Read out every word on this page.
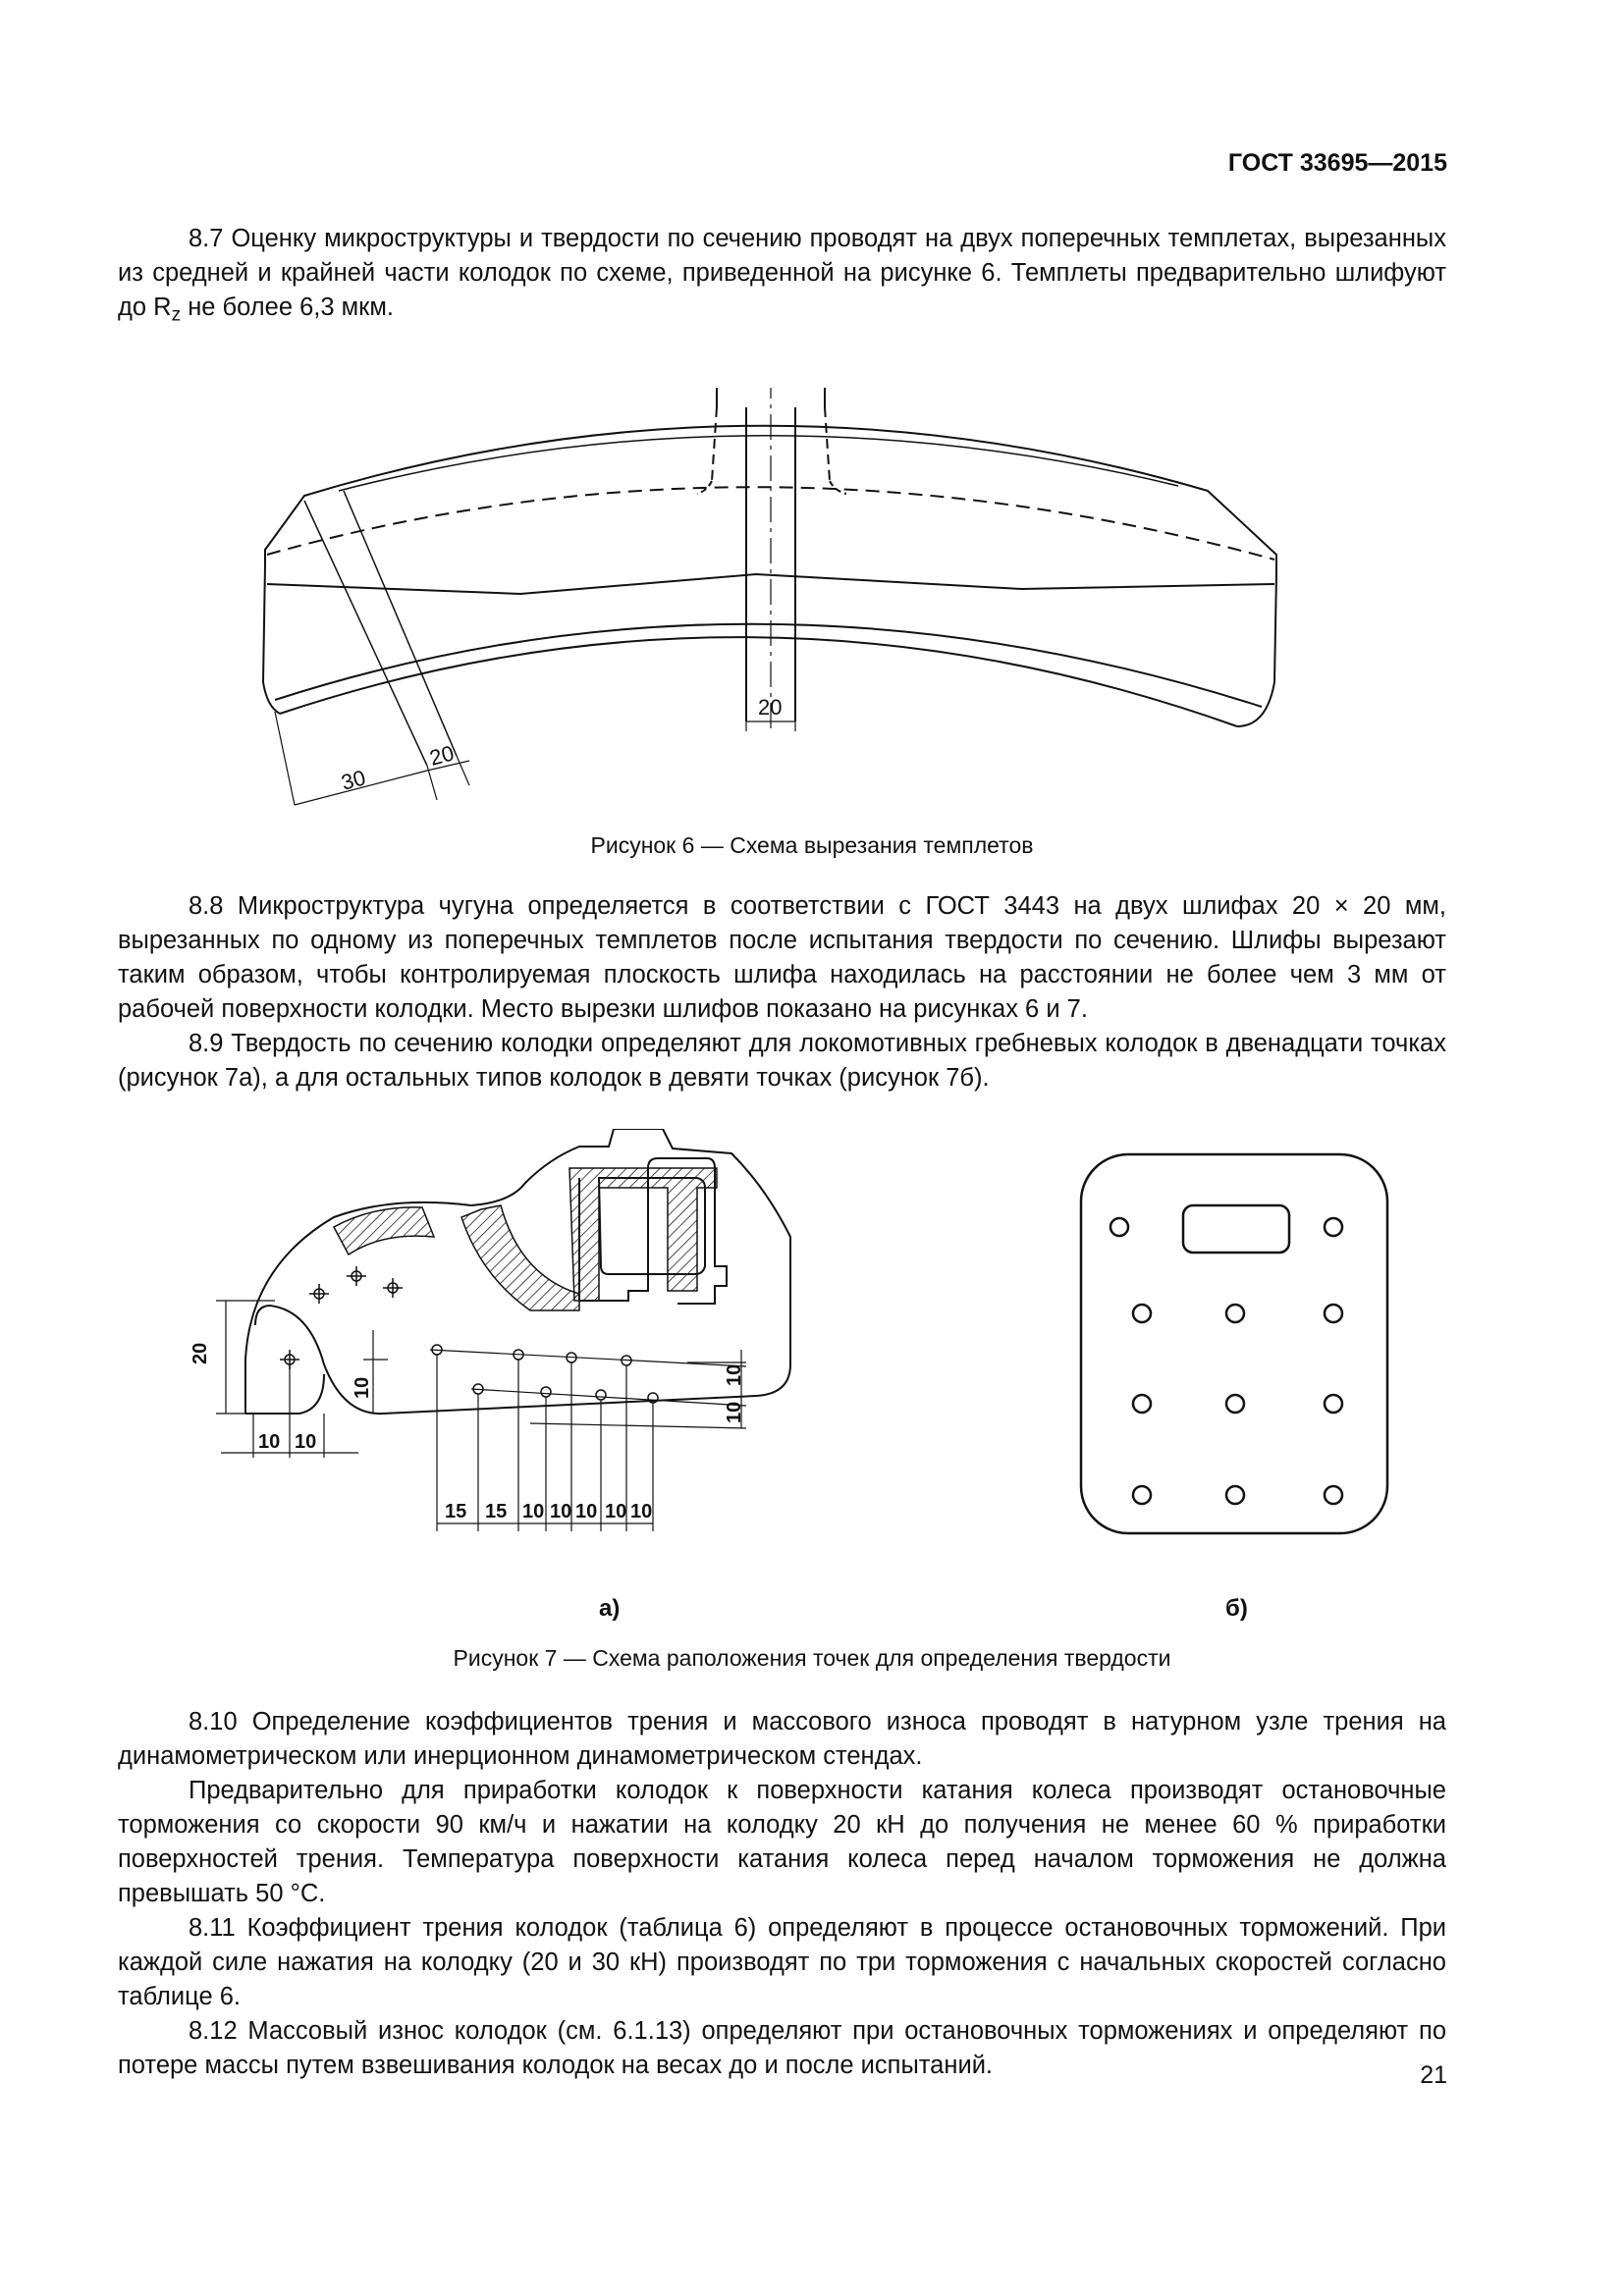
ГОСТ 33695—2015

8.7 Оценку микроструктуры и твердости по сечению проводят на двух поперечных темплетах, вырезанных из средней и крайней части колодок по схеме, приведенной на рисунке 6. Темплеты предварительно шлифуют до $R_z$ не более 6,3 мкм.

20
30
20
Рисунок 6 — Схема вырезания темплетов

8.8 Микроструктура чугуна определяется в соответствии с ГОСТ 3443 на двух шлифах 20 × 20 мм, вырезанных по одному из поперечных темплетов после испытания твердости по сечению. Шлифы вырезают таким образом, чтобы контролируемая плоскость шлифа находилась на расстоянии не более чем 3 мм от рабочей поверхности колодки. Место вырезки шлифов показано на рисунках 6 и 7.

8.9 Твердость по сечению колодки определяют для локомотивных гребневых колодок в двенадцати точках (рисунок 7а), а для остальных типов колодок в девяти точках (рисунок 7б).

20
10
10 10
10
10
15 15 10 10 10 10 10
а)	б)
Рисунок 7 — Схема раположения точек для определения твердости

8.10 Определение коэффициентов трения и массового износа проводят в натурном узле трения на динамометрическом или инерционном динамометрическом стендах.

Предварительно для приработки колодок к поверхности катания колеса производят остановочные торможения со скорости 90 км/ч и нажатии на колодку 20 кН до получения не менее 60 % приработки поверхностей трения. Температура поверхности катания колеса перед началом торможения не должна превышать 50 °С.

8.11 Коэффициент трения колодок (таблица 6) определяют в процессе остановочных торможений. При каждой силе нажатия на колодку (20 и 30 кН) производят по три торможения с начальных скоростей согласно таблице 6.

8.12 Массовый износ колодок (см. 6.1.13) определяют при остановочных торможениях и определяют по потере массы путем взвешивания колодок на весах до и после испытаний.	21
